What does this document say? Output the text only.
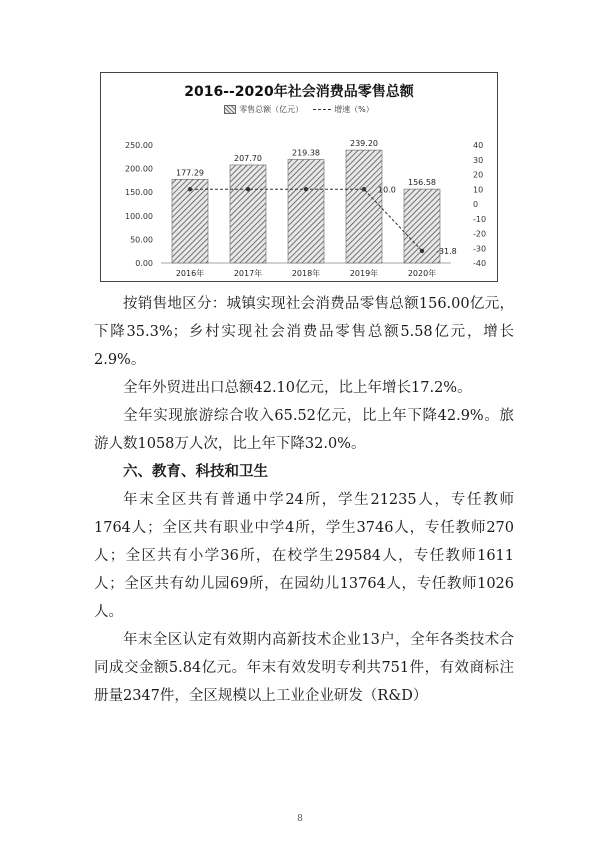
0.00
50.00
100.00
150.00
200.00
250.00	40
30
20
10
0
-10
-20
-30
-40
177.29
207.70
219.38
239.20
156.58
2016年	2017年	2018年	2019年	2020年
10.0
-31.8
2016--2020年社会消费品零售总额
零售总额（亿元）	增速（%）

按销售地区分：城镇实现社会消费品零售总额156.00亿元，下降35.3%；乡村实现社会消费品零售总额5.58亿元，增长2.9%。

全年外贸进出口总额42.10亿元，比上年增长17.2%。

全年实现旅游综合收入65.52亿元，比上年下降42.9%。旅游人数1058万人次，比上年下降32.0%。

六、教育、科技和卫生

年末全区共有普通中学24所，学生21235人，专任教师1764人；全区共有职业中学4所，学生3746人，专任教师270人；全区共有小学36所，在校学生29584人，专任教师1611人；全区共有幼儿园69所，在园幼儿13764人，专任教师1026人。

年末全区认定有效期内高新技术企业13户，全年各类技术合同成交金额5.84亿元。年末有效发明专利共751件，有效商标注册量2347件，全区规模以上工业企业研发（R&D）

8
